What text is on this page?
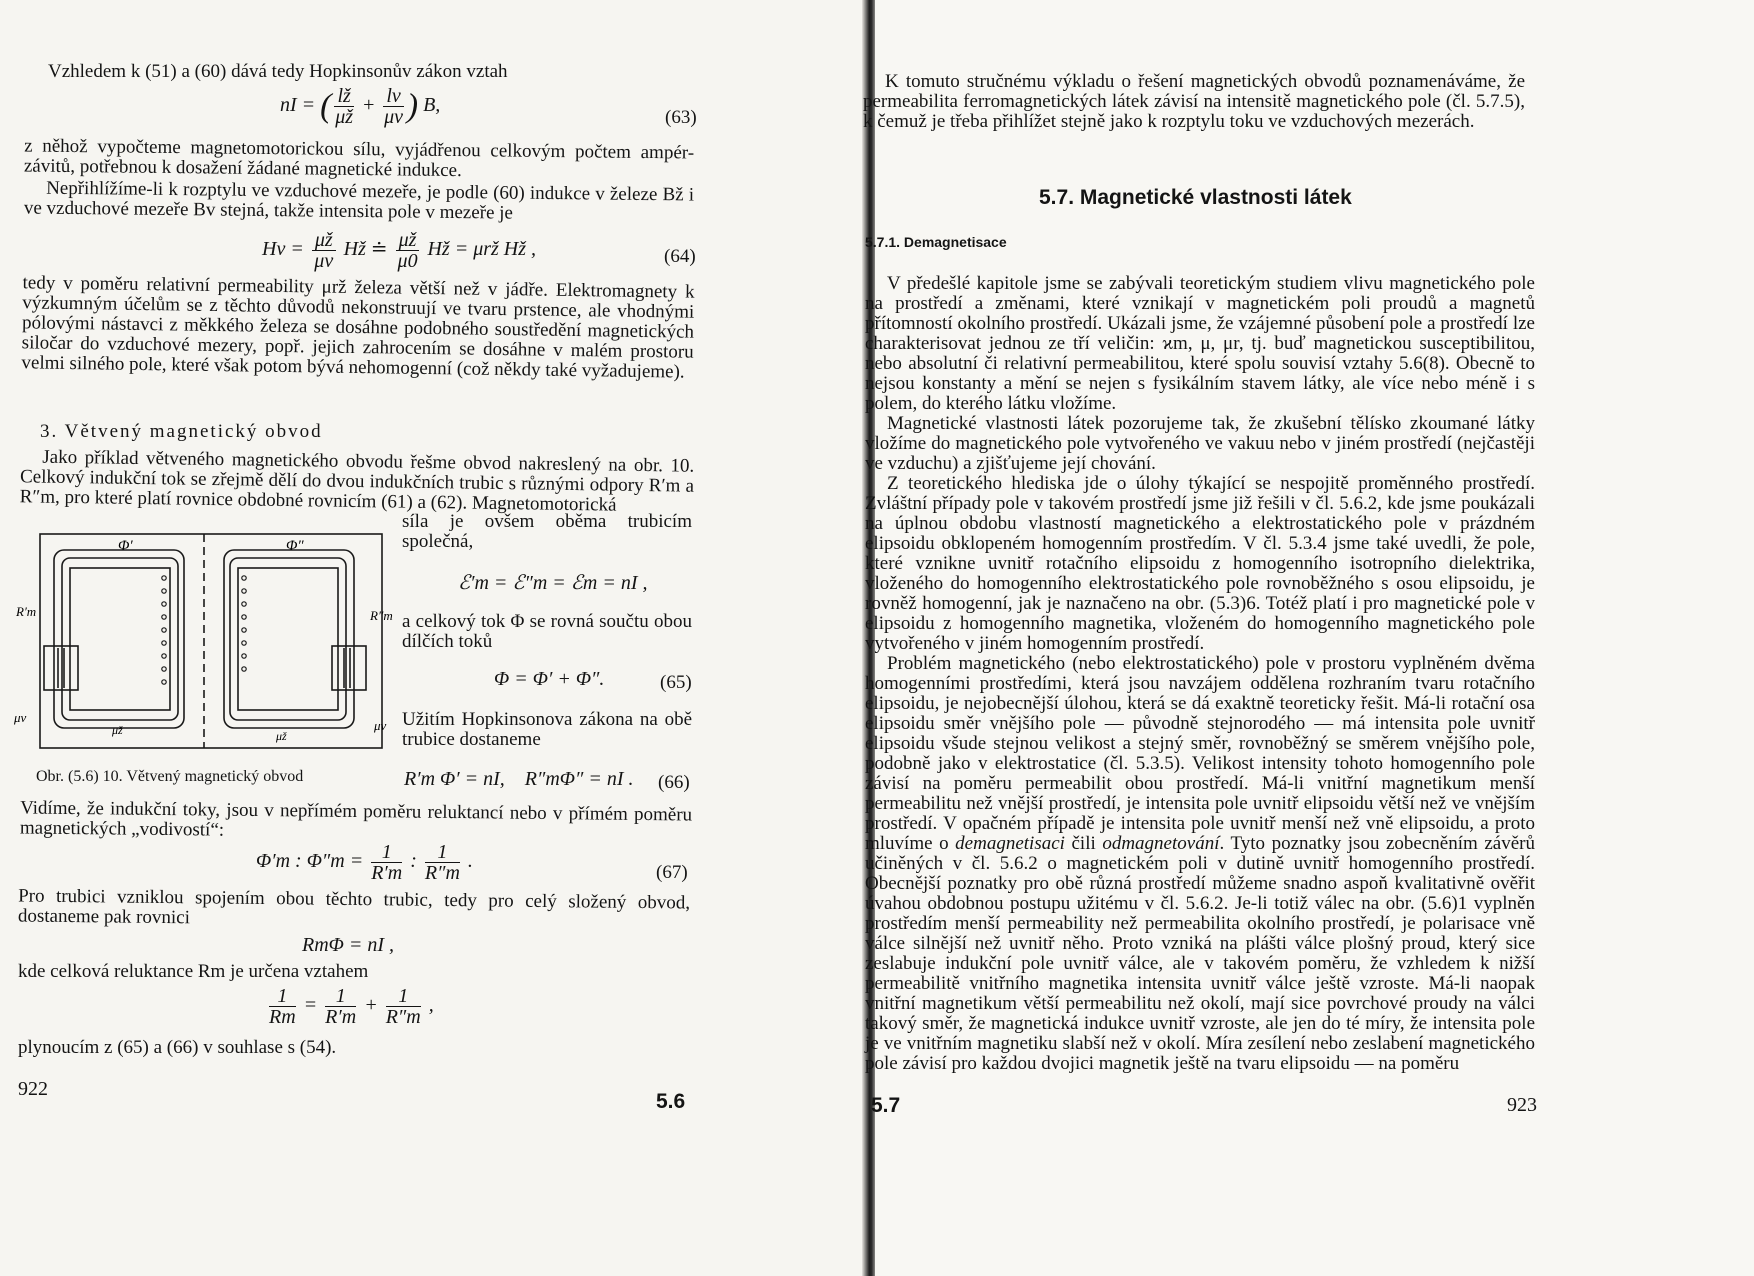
Vzhledem k (51) a (60) dává tedy Hopkinsonův zákon vztah
nI = ( $\frac{lž}{\mu ž} + \frac{lv}{\mu v}$ ) B,
(63)
z něhož vypočteme magnetomotorickou sílu, vyjádřenou celkovým počtem ampér-závitů, potřebnou k dosažení žádané magnetické indukce.
Nepřihlížíme-li k rozptylu ve vzduchové mezeře, je podle (60) indukce v železe Bž i ve vzduchové mezeře Bv stejná, takže intensita pole v mezeře je
$Hv = \frac{\mu ž}{\mu v}$ Hž ≐ $\frac{\mu ž}{\mu 0}$ Hž = μrž Hž ,	(64)
tedy v poměru relativní permeability μrž železa větší než v jádře. Elektromagnety k výzkumným účelům se z těchto důvodů nekonstruují ve tvaru prstence, ale vhodnými pólovými nástavci z měkkého železa se dosáhne podobného soustředění magnetických siločar do vzduchové mezery, popř. jejich zahrocením se dosáhne v malém prostoru velmi silného pole, které však potom bývá nehomogenní (což někdy také vyžadujeme).
3. Větvený magnetický obvod
Jako příklad větveného magnetického obvodu řešme obvod nakreslený na obr. 10. Celkový indukční tok se zřejmě dělí do dvou indukčních trubic s různými odpory R′m a R″m, pro které platí rovnice obdobné rovnicím (61) a (62). Magnetomotorická
síla je ovšem oběma trubicím společná,
Φ′	Φ″
R′m	R″m
μv
μv
μž	μž
ℰ′m = ℰ″m = ℰm = nI ,
a celkový tok Φ se rovná součtu obou dílčích toků
Φ = Φ′ + Φ″.	(65)
Užitím Hopkinsonova zákona na obě trubice dostaneme
Obr. (5.6) 10. Větvený magnetický obvod	R′m Φ′ = nI,    R″mΦ″ = nI . (66)
Vidíme, že indukční toky, jsou v nepřímém poměru reluktancí nebo v přímém poměru magnetických „vodivostí“:
Φ′m : $\Phi''m = \frac{1}{R'm}$ : $\frac{1}{R''m}$ .
(67)
Pro trubici vzniklou spojením obou těchto trubic, tedy pro celý složený obvod, dostaneme pak rovnici
RmΦ = nI ,
kde celková reluktance Rm je určena vztahem
$\frac{1}{Rm} = \frac{1}{R'm} + \frac{1}{R''m}$ ,
plynoucím z (65) a (66) v souhlase s (54).
922
5.6
K tomuto stručnému výkladu o řešení magnetických obvodů poznamenáváme, že permeabilita ferromagnetických látek závisí na intensitě magnetického pole (čl. 5.7.5), k čemuž je třeba přihlížet stejně jako k rozptylu toku ve vzduchových mezerách.
5.7. Magnetické vlastnosti látek
5.7.1. Demagnetisace

V předešlé kapitole jsme se zabývali teoretickým studiem vlivu magnetického pole na prostředí a změnami, které vznikají v magnetickém poli proudů a magnetů přítomností okolního prostředí. Ukázali jsme, že vzájemné působení pole a prostředí lze charakterisovat jednou ze tří veličin: ϰm, μ, μr, tj. buď magnetickou susceptibilitou, nebo absolutní či relativní permeabilitou, které spolu souvisí vztahy 5.6(8). Obecně to nejsou konstanty a mění se nejen s fysikálním stavem látky, ale více nebo méně i s polem, do kterého látku vložíme.

Magnetické vlastnosti látek pozorujeme tak, že zkušební tělísko zkoumané látky vložíme do magnetického pole vytvořeného ve vakuu nebo v jiném prostředí (nejčastěji ve vzduchu) a zjišťujeme její chování.

Z teoretického hlediska jde o úlohy týkající se nespojitě proměnného prostředí. Zvláštní případy pole v takovém prostředí jsme již řešili v čl. 5.6.2, kde jsme poukázali na úplnou obdobu vlastností magnetického a elektrostatického pole v prázdném elipsoidu obklopeném homogenním prostředím. V čl. 5.3.4 jsme také uvedli, že pole, které vznikne uvnitř rotačního elipsoidu z homogenního isotropního dielektrika, vloženého do homogenního elektrostatického pole rovnoběžného s osou elipsoidu, je rovněž homogenní, jak je naznačeno na obr. (5.3)6. Totéž platí i pro magnetické pole v elipsoidu z homogenního magnetika, vloženém do homogenního magnetického pole vytvořeného v jiném homogenním prostředí.

Problém magnetického (nebo elektrostatického) pole v prostoru vyplněném dvěma homogenními prostředími, která jsou navzájem oddělena rozhraním tvaru rotačního elipsoidu, je nejobecnější úlohou, která se dá exaktně teoreticky řešit. Má-li rotační osa elipsoidu směr vnějšího pole — původně stejnorodého — má intensita pole uvnitř elipsoidu všude stejnou velikost a stejný směr, rovnoběžný se směrem vnějšího pole, podobně jako v elektrostatice (čl. 5.3.5). Velikost intensity tohoto homogenního pole závisí na poměru permeabilit obou prostředí. Má-li vnitřní magnetikum menší permeabilitu než vnější prostředí, je intensita pole uvnitř elipsoidu větší než ve vnějším prostředí. V opačném případě je intensita pole uvnitř menší než vně elipsoidu, a proto mluvíme o demagnetisaci čili odmagnetování. Tyto poznatky jsou zobecněním závěrů učiněných v čl. 5.6.2 o magnetickém poli v dutině uvnitř homogenního prostředí. Obecnější poznatky pro obě různá prostředí můžeme snadno aspoň kvalitativně ověřit úvahou obdobnou postupu užitému v čl. 5.6.2. Je-li totiž válec na obr. (5.6)1 vyplněn prostředím menší permeability než permeabilita okolního prostředí, je polarisace vně válce silnější než uvnitř něho. Proto vzniká na plášti válce plošný proud, který sice zeslabuje indukční pole uvnitř válce, ale v takovém poměru, že vzhledem k nižší permeabilitě vnitřního magnetika intensita uvnitř válce ještě vzroste. Má-li naopak vnitřní magnetikum větší permeabilitu než okolí, mají sice povrchové proudy na válci takový směr, že magnetická indukce uvnitř vzroste, ale jen do té míry, že intensita pole je ve vnitřním magnetiku slabší než v okolí. Míra zesílení nebo zeslabení magnetického pole závisí pro každou dvojici magnetik ještě na tvaru elipsoidu — na poměru

5.7	923
